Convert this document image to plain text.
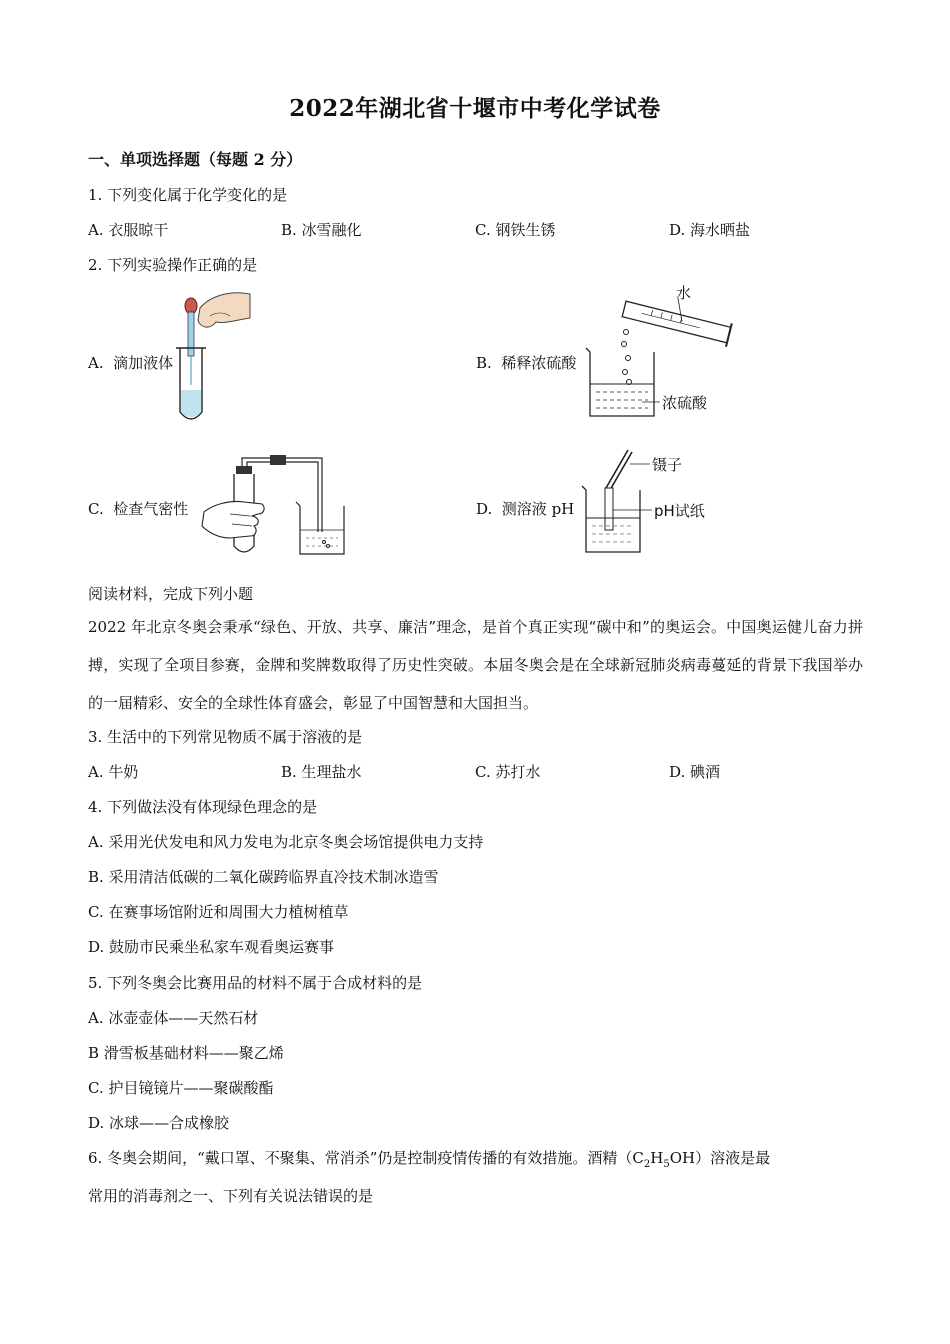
2022年湖北省十堰市中考化学试卷
一、单项选择题（每题 2 分）
1. 下列变化属于化学变化的是
A. 衣服晾干	B. 冰雪融化	C. 钢铁生锈	D. 海水晒盐
2. 下列实验操作正确的是
A.  滴加液体	B.  稀释浓硫酸
水
浓硫酸
C.  检查气密性	D.  测溶液 pH
镊子
pH试纸
阅读材料，完成下列小题
2022 年北京冬奥会秉承“绿色、开放、共享、廉洁”理念，是首个真正实现“碳中和”的奥运会。中国奥运健儿奋力拼搏，实现了全项目参赛，金牌和奖牌数取得了历史性突破。本届冬奥会是在全球新冠肺炎病毒蔓延的背景下我国举办的一届精彩、安全的全球性体育盛会，彰显了中国智慧和大国担当。
3. 生活中的下列常见物质不属于溶液的是
A. 牛奶	B. 生理盐水	C. 苏打水	D. 碘酒
4. 下列做法没有体现绿色理念的是
A. 采用光伏发电和风力发电为北京冬奥会场馆提供电力支持
B. 采用清洁低碳的二氧化碳跨临界直冷技术制冰造雪
C. 在赛事场馆附近和周围大力植树植草
D. 鼓励市民乘坐私家车观看奥运赛事
5. 下列冬奥会比赛用品的材料不属于合成材料的是
A. 冰壶壶体——天然石材
B 滑雪板基础材料——聚乙烯
C. 护目镜镜片——聚碳酸酯
D. 冰球——合成橡胶
6. 冬奥会期间，“戴口罩、不聚集、常消杀”仍是控制疫情传播的有效措施。酒精$(C_2H_5OH)$溶液是最
常用的消毒剂之一、下列有关说法错误的是
